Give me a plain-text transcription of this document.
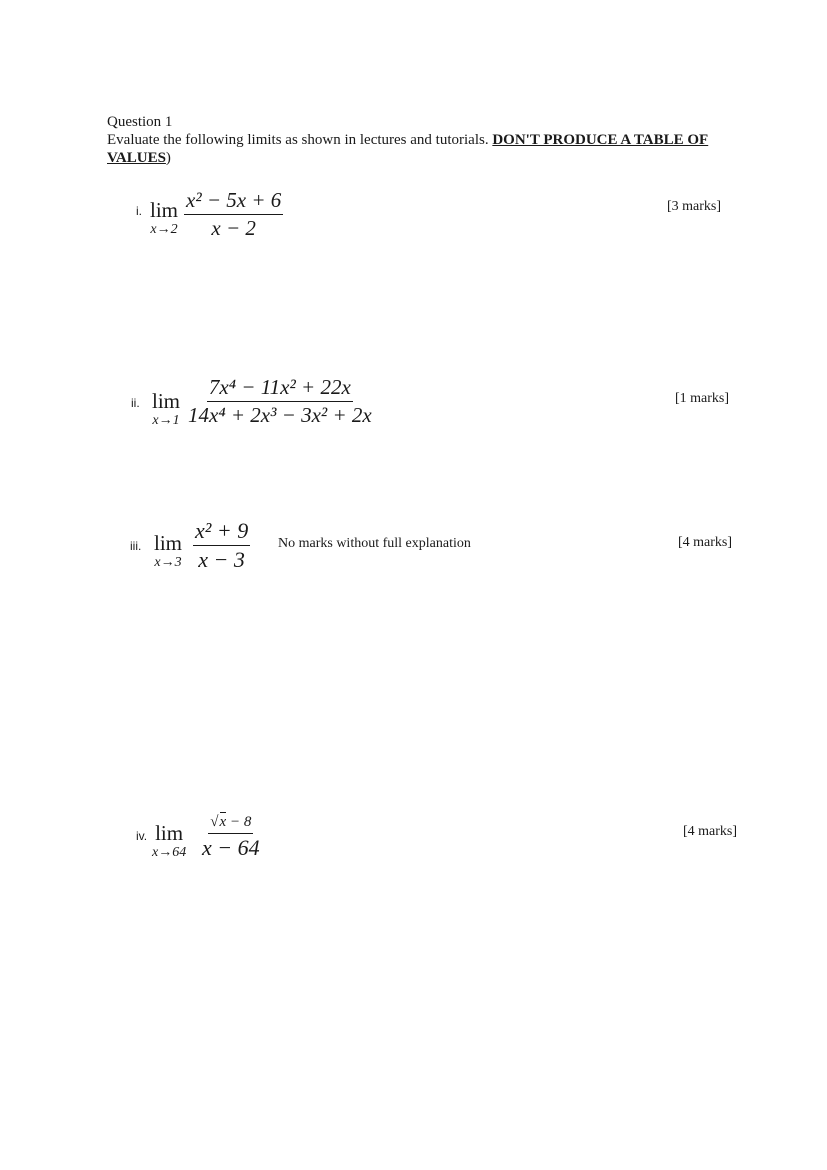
Question 1
Evaluate the following limits as shown in lectures and tutorials. DON'T PRODUCE A TABLE OF VALUES)
i. lim
$x\to 2 \frac{\text{x² − 5x + 6}}{x - 2}$	[3 marks]
ii. lim
$x\to 1 \frac{\text{7x⁴ − 11x² + 22x}}{\text{14x⁴ + 2x³ − 3x² + 2x}}$	[1 marks]
iii. lim
$x\to 3 \frac{\text{x² + 9}}{x - 3}$ No marks without full explanation	[4 marks]
iv. lim
x→64
√x − 8
x − 64
[4 marks]
